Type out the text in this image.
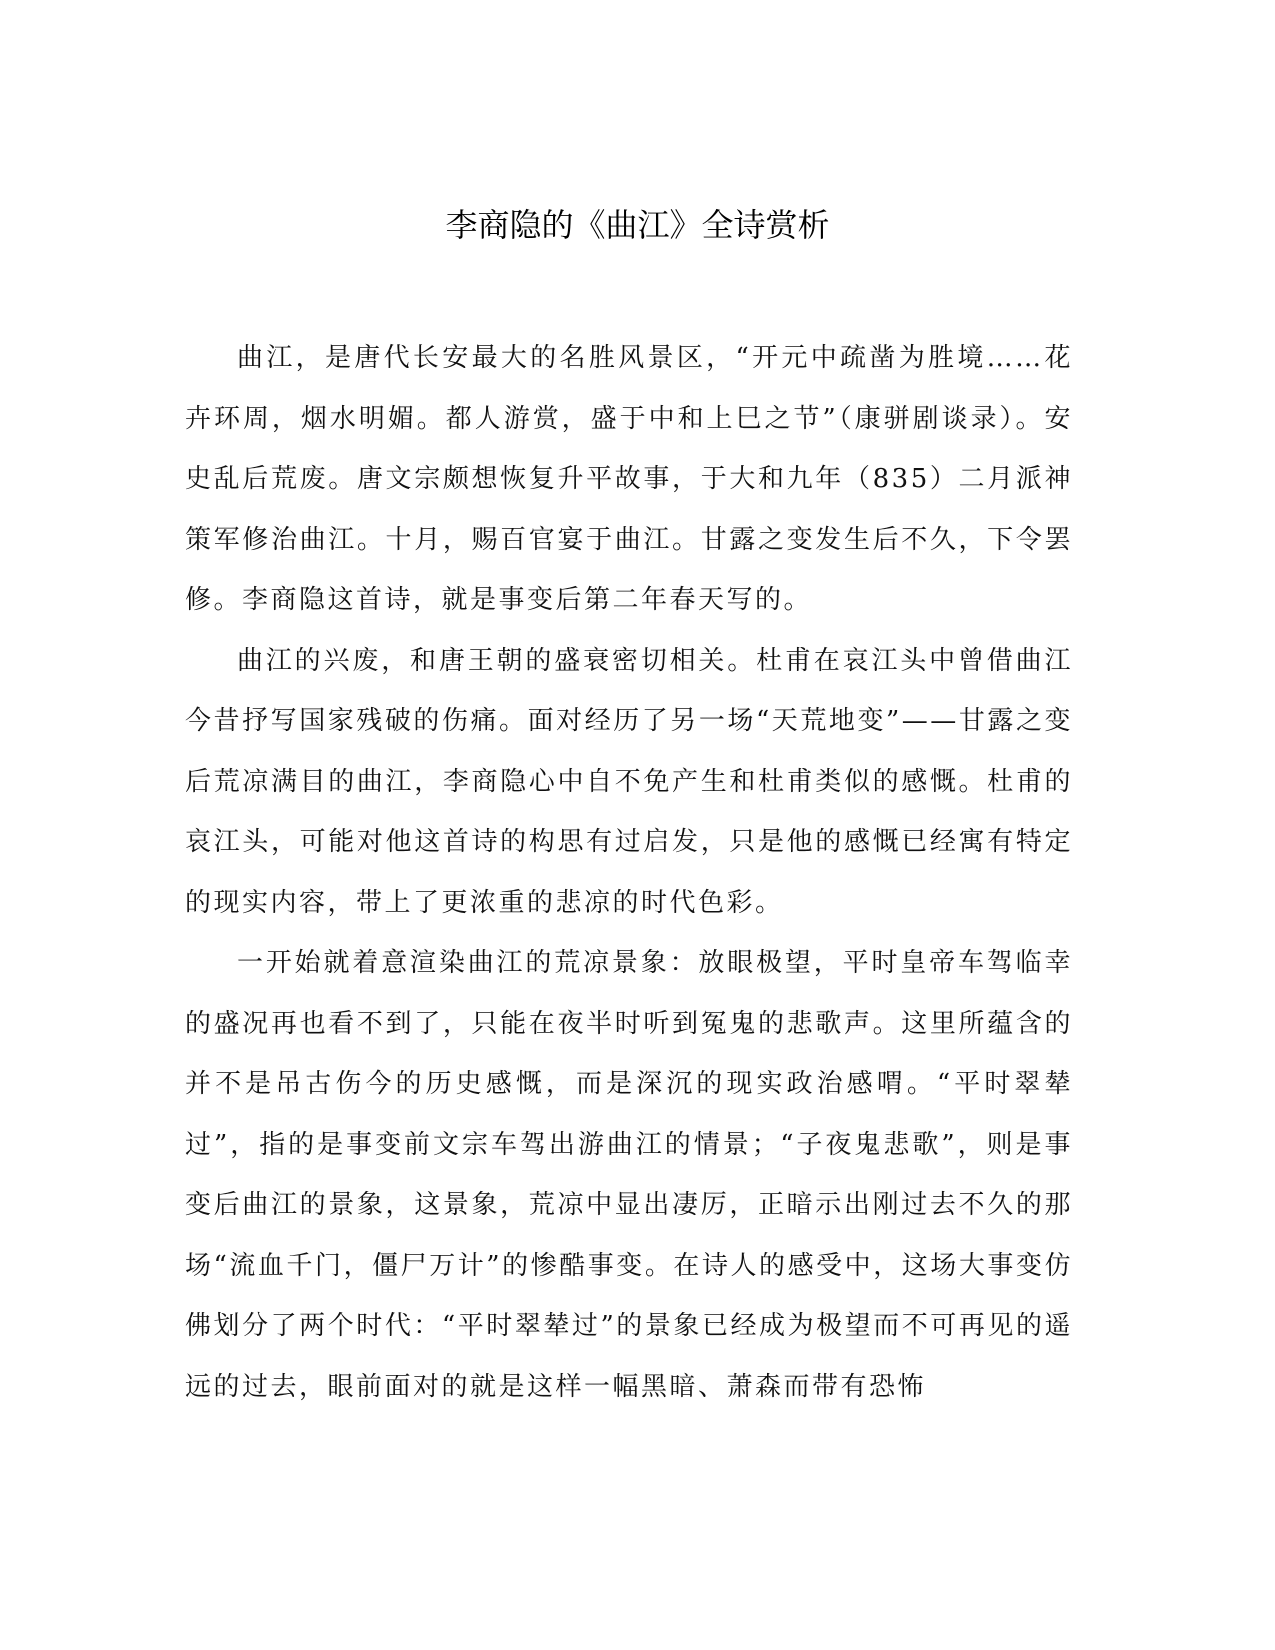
李商隐的《曲江》全诗赏析

曲江，是唐代长安最大的名胜风景区，“开元中疏凿为胜境……花卉环周，烟水明媚。都人游赏，盛于中和上巳之节”（康骈剧谈录）。安史乱后荒废。唐文宗颇想恢复升平故事，于大和九年（835）二月派神策军修治曲江。十月，赐百官宴于曲江。甘露之变发生后不久，下令罢修。李商隐这首诗，就是事变后第二年春天写的。

曲江的兴废，和唐王朝的盛衰密切相关。杜甫在哀江头中曾借曲江今昔抒写国家残破的伤痛。面对经历了另一场“天荒地变”——甘露之变后荒凉满目的曲江，李商隐心中自不免产生和杜甫类似的感慨。杜甫的哀江头，可能对他这首诗的构思有过启发，只是他的感慨已经寓有特定的现实内容，带上了更浓重的悲凉的时代色彩。

一开始就着意渲染曲江的荒凉景象：放眼极望，平时皇帝车驾临幸的盛况再也看不到了，只能在夜半时听到冤鬼的悲歌声。这里所蕴含的并不是吊古伤今的历史感慨，而是深沉的现实政治感喟。“平时翠辇过”，指的是事变前文宗车驾出游曲江的情景；“子夜鬼悲歌”，则是事变后曲江的景象，这景象，荒凉中显出凄厉，正暗示出刚过去不久的那场“流血千门，僵尸万计”的惨酷事变。在诗人的感受中，这场大事变仿佛划分了两个时代：“平时翠辇过”的景象已经成为极望而不可再见的遥远的过去，眼前面对的就是这样一幅黑暗、萧森而带有恐怖
